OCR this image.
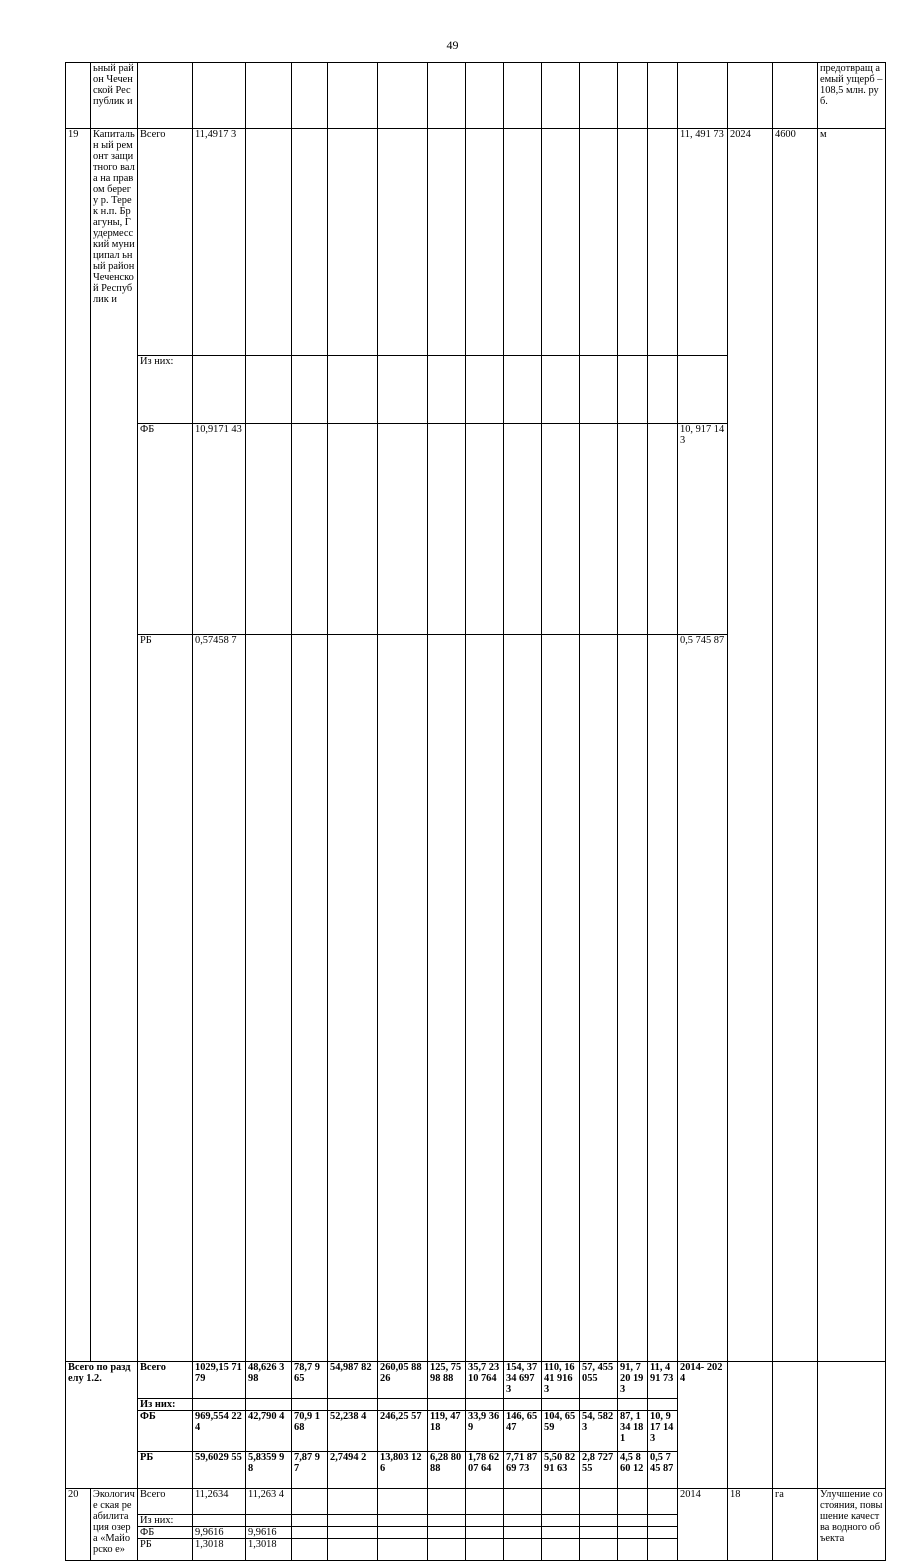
49
	ьный район Чеченской Республик и																	предотвращ аемый ущерб – 108,5 млн. руб.	
19	Капитальн ый ремонт защитного вала на правом берегу р. Терек н.п. Брагуны, Гудермесс кий муниципал ьный район Чеченской Республик и	Всего	11,4917 3												11, 491 73	2024	4600	м	
		Из них:																	
		ФБ	10,9171 43												10, 917 143				
		РБ	0,57458 7												0,5 745 87				
Всего по разделу 1.2.		Всего	1029,15 7179	48,626 398	78,7 965	54,987 82	260,05 8826	125, 7598 88	35,7 2310 764	154, 3734 6973	110, 1641 9163	57, 455 055	91, 720 193	11, 491 73	2014- 2024				
		Из них:																	
		ФБ	969,554 224	42,790 4	70,9 168	52,238 4	246,25 57	119, 4718	33,9 369	146, 6547	104, 6559	54, 582 3	87, 134 181	10, 917 143					
		РБ	59,6029 55	5,8359 98	7,87 97	2,7494 2	13,803 126	6,28 8088	1,78 6207 64	7,71 8769 73	5,50 8291 63	2,8 727 55	4,5 860 12	0,5 745 87					
20	Экологиче ская реабилита ция озера «Майорско е»	Всего	11,2634	11,263 4											2014	18	га	Улучшение состояния, повышение качества водного объекта	
		Из них:																	
		ФБ	9,9616	9,9616															
		РБ	1,3018	1,3018															
